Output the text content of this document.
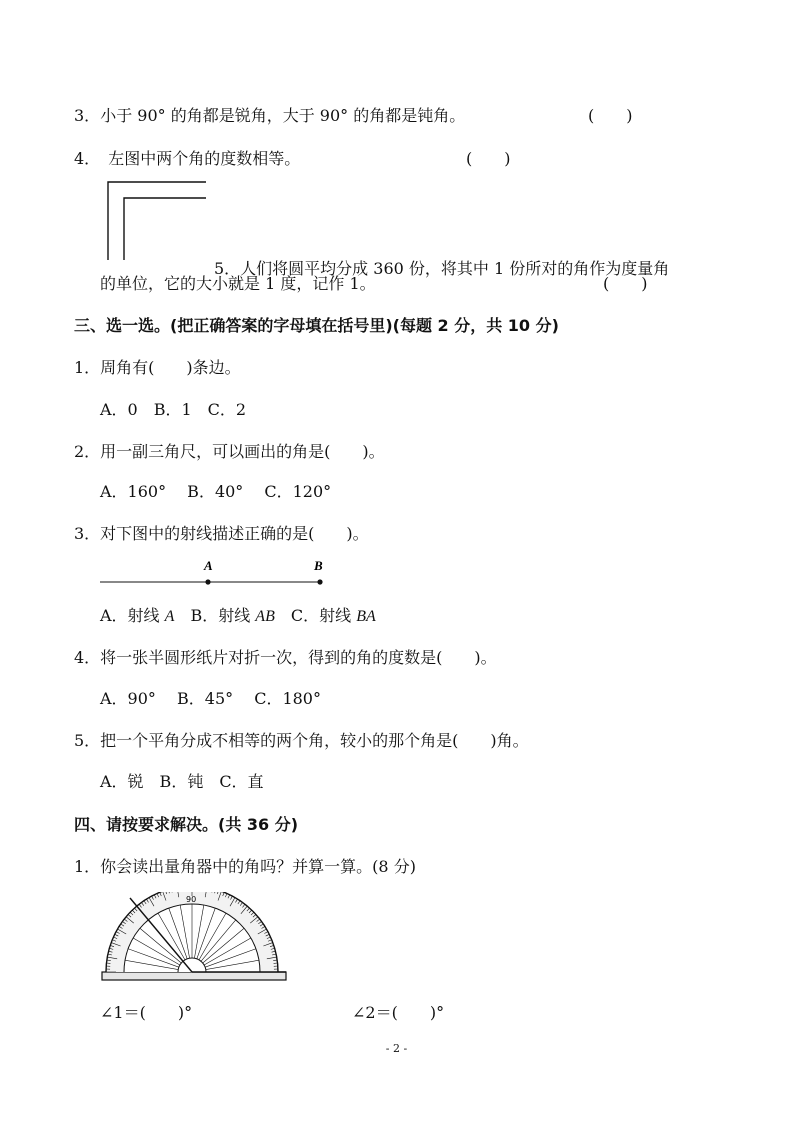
3．小于 90° 的角都是锐角，大于 90° 的角都是钝角。	(　　)
4． 左图中两个角的度数相等。	(　　)
5．人们将圆平均分成 360 份，将其中 1 份所对的角作为度量角
的单位，它的大小就是 1 度，记作 1。	(　　)
三、选一选。(把正确答案的字母填在括号里)(每题 2 分，共 10 分)
1．周角有(　　)条边。
A．0　B．1　C．2
2．用一副三角尺，可以画出的角是(　　)。
A．160°　 B．40°　 C．120°
3．对下图中的射线描述正确的是(　　)。
A	B
A．射线 A　B．射线 AB　C．射线 BA
4．将一张半圆形纸片对折一次，得到的角的度数是(　　)。
A．90°　 B．45°　 C．180°
5．把一个平角分成不相等的两个角，较小的那个角是(　　)角。
A．锐　B．钝　C．直
四、请按要求解决。(共 36 分)
1．你会读出量角器中的角吗？并算一算。(8 分)
90
∠1＝(　　)°	∠2＝(　　)°
- 2 -
